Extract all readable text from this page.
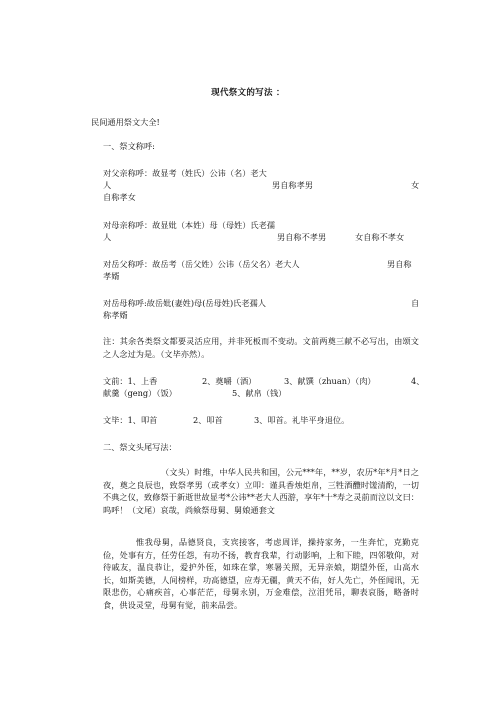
现代祭文的写法 ：
民间通用祭文大全!
一、祭文称呼:
对父亲称呼：故显考（姓氏）公讳（名）老大
人	男自称孝男	女
自称孝女
对母亲称呼：故显妣（本姓）母（母姓）氏老孺
人	男自称不孝男	女自称不孝女
对岳父称呼：故岳考（岳父姓）公讳（岳父名）老大人	男自称
孝婿
对岳母称呼:故岳妣(妻姓)母(岳母姓)氏老孺人	自
称孝婿
注：其余各类祭文都要灵活应用，并非死板而不变动。文前两奠三献不必写出，由颂文之人念过为是。（文毕亦然）。
文前：1、上香	2、奠嚼（酒）	3、献馔（zhuan）（肉）	4、
献羹（geng）（饭）	5、献帛（钱）
文毕：1、叩首	2、叩首	3、叩首。礼毕平身退位。
二、祭文头尾写法：
（文头）时维，中华人民共和国，公元***年，**岁，农历*年*月*日之夜，奠之良辰也，致祭孝男（或孝女）立叩：谨具香烛炬帛，三牲酒醴时馐清酌，一切不典之仪，致修祭于新逝世故显考*公讳**老大人西游，享年*十*寿之灵前而泣以文曰：呜呼！（文尾）哀哉，尚飨祭母舅、舅娘通套文
惟我母舅，品德贤良，支宾接客，考虑周详，操持家务，一生奔忙，克勤克俭，处事有方，任劳任怨，有功不扬，教育我辈，行动影响，上和下睦，四邻敬仰，对待戚友，温良恭让，爱护外侄，如珠在掌，寒暑关照，无异亲娘，期望外侄，山高水长，如斯美德，人间榜样，功高德望，应寿无疆，黄天不佑，好人先亡，外侄闻讯，无限悲伤，心痛疾首，心事茫茫，母舅永别，万金难偿，泣泪凭吊，聊表哀肠，略备时食，供设灵堂，母舅有觉，前来品尝。
